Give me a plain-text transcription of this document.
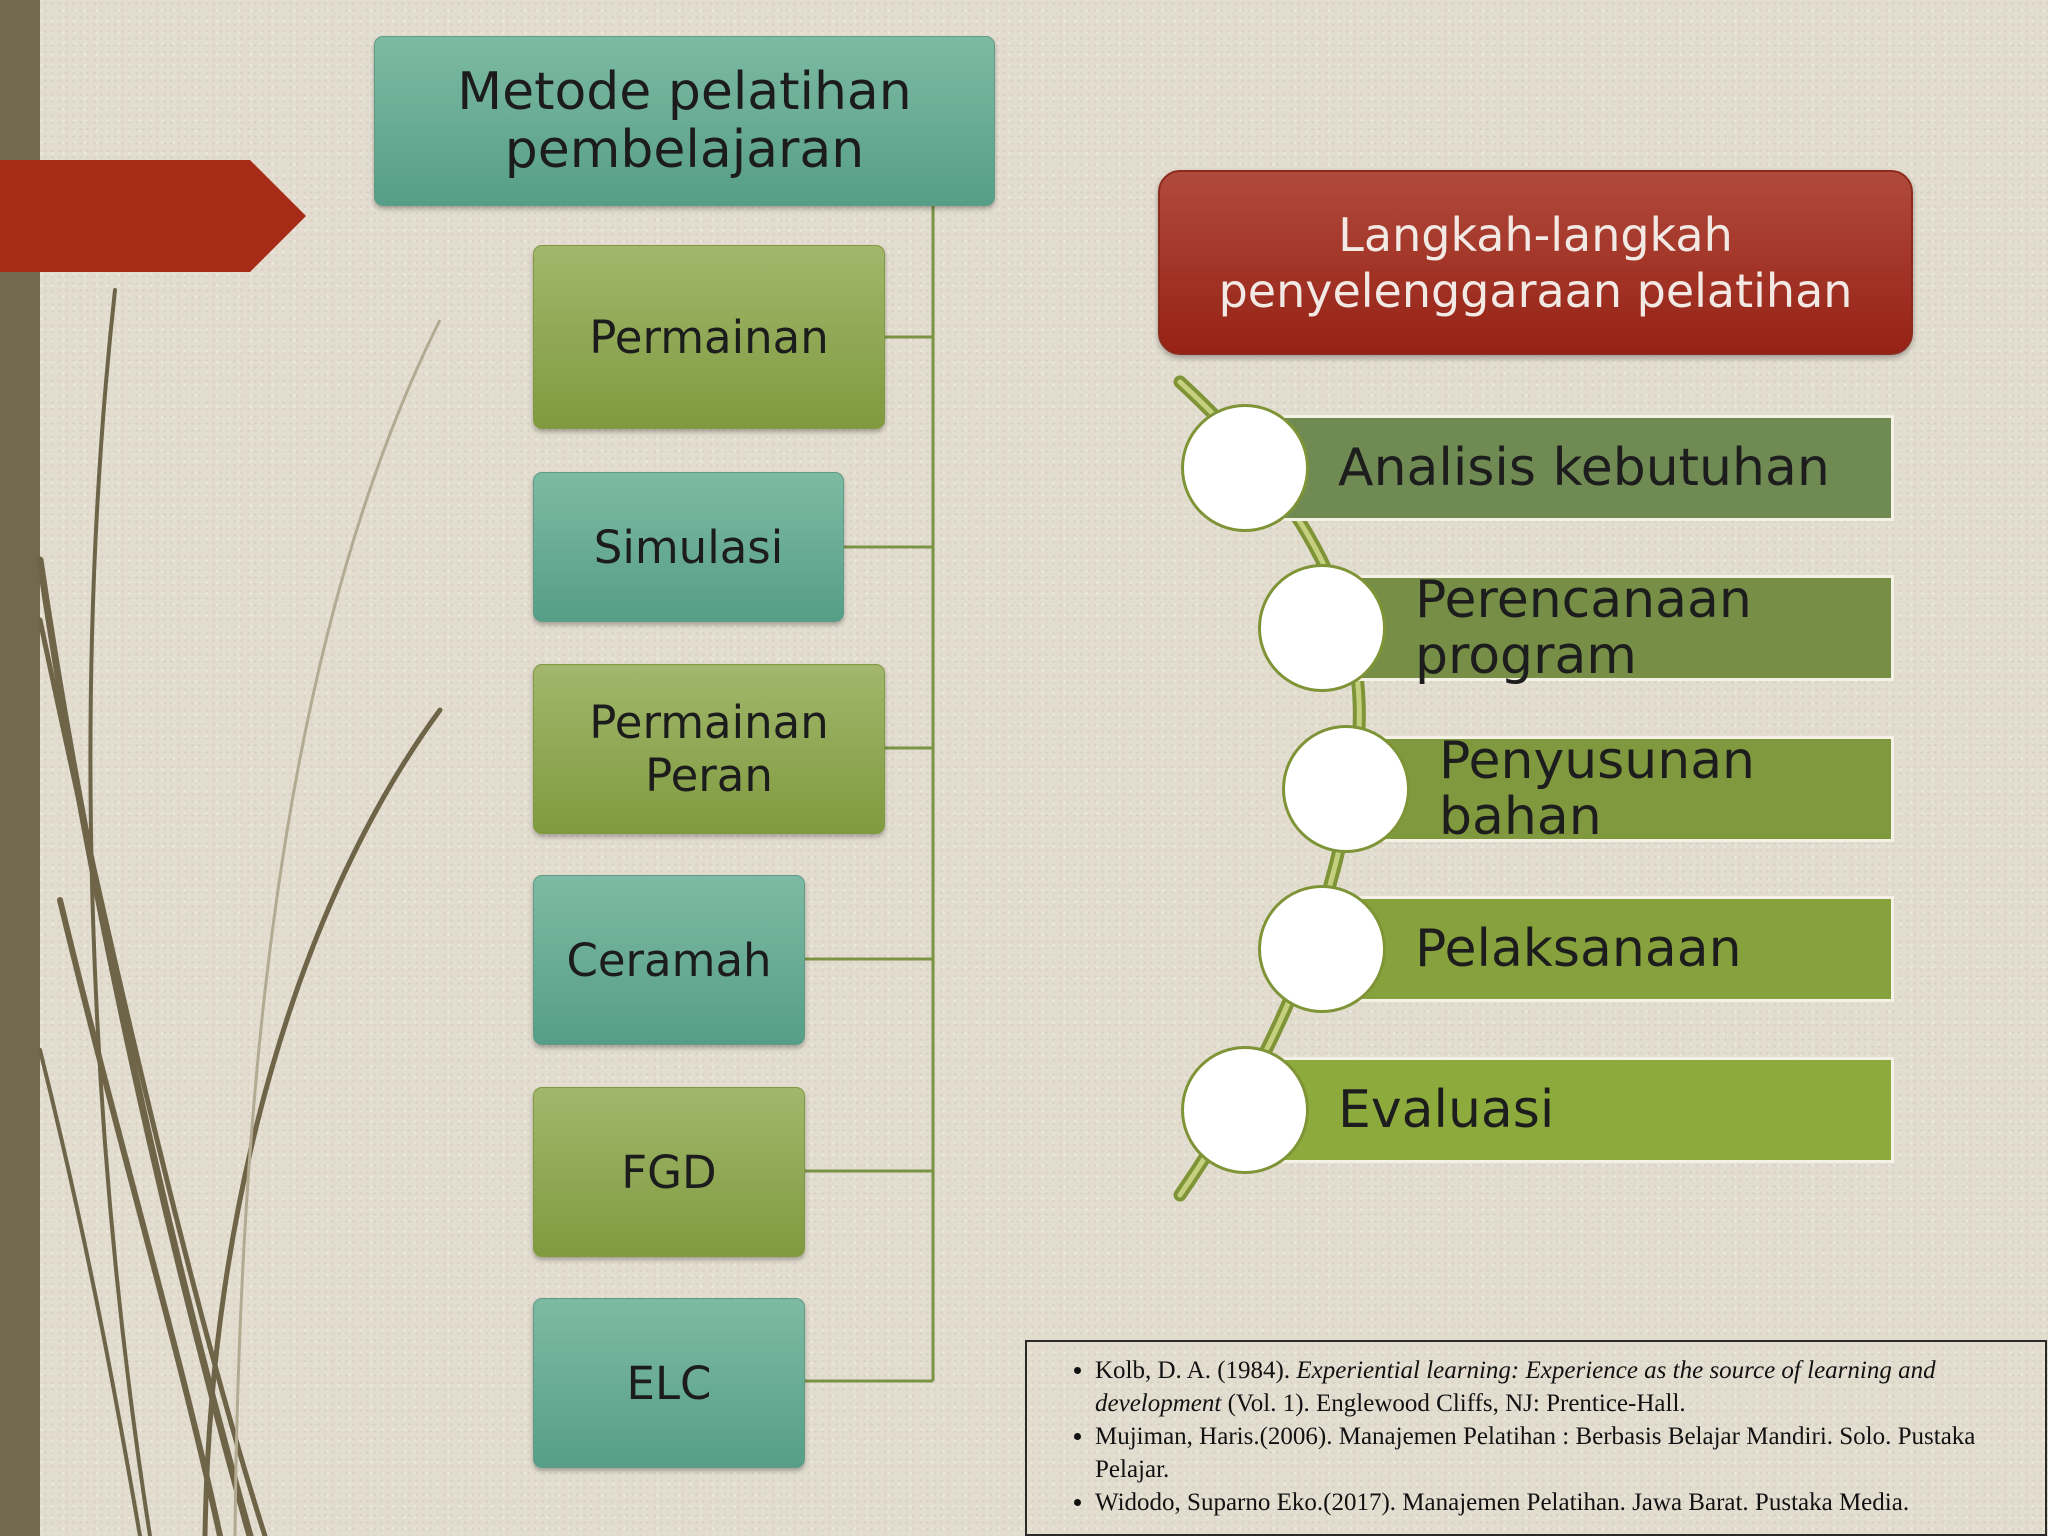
Metode pelatihan pembelajaran
Permainan
Simulasi
Permainan Peran
Ceramah
FGD
ELC
Langkah-langkah penyelenggaraan pelatihan
Analisis kebutuhan
Perencanaan program
Penyusunan bahan
Pelaksanaan
Evaluasi
• Kolb, D. A. (1984). Experiential learning: Experience as the source of learning and development (Vol. 1). Englewood Cliffs, NJ: Prentice-Hall.
• Mujiman, Haris.(2006). Manajemen Pelatihan : Berbasis Belajar Mandiri. Solo. Pustaka Pelajar.
• Widodo, Suparno Eko.(2017). Manajemen Pelatihan. Jawa Barat. Pustaka Media.
